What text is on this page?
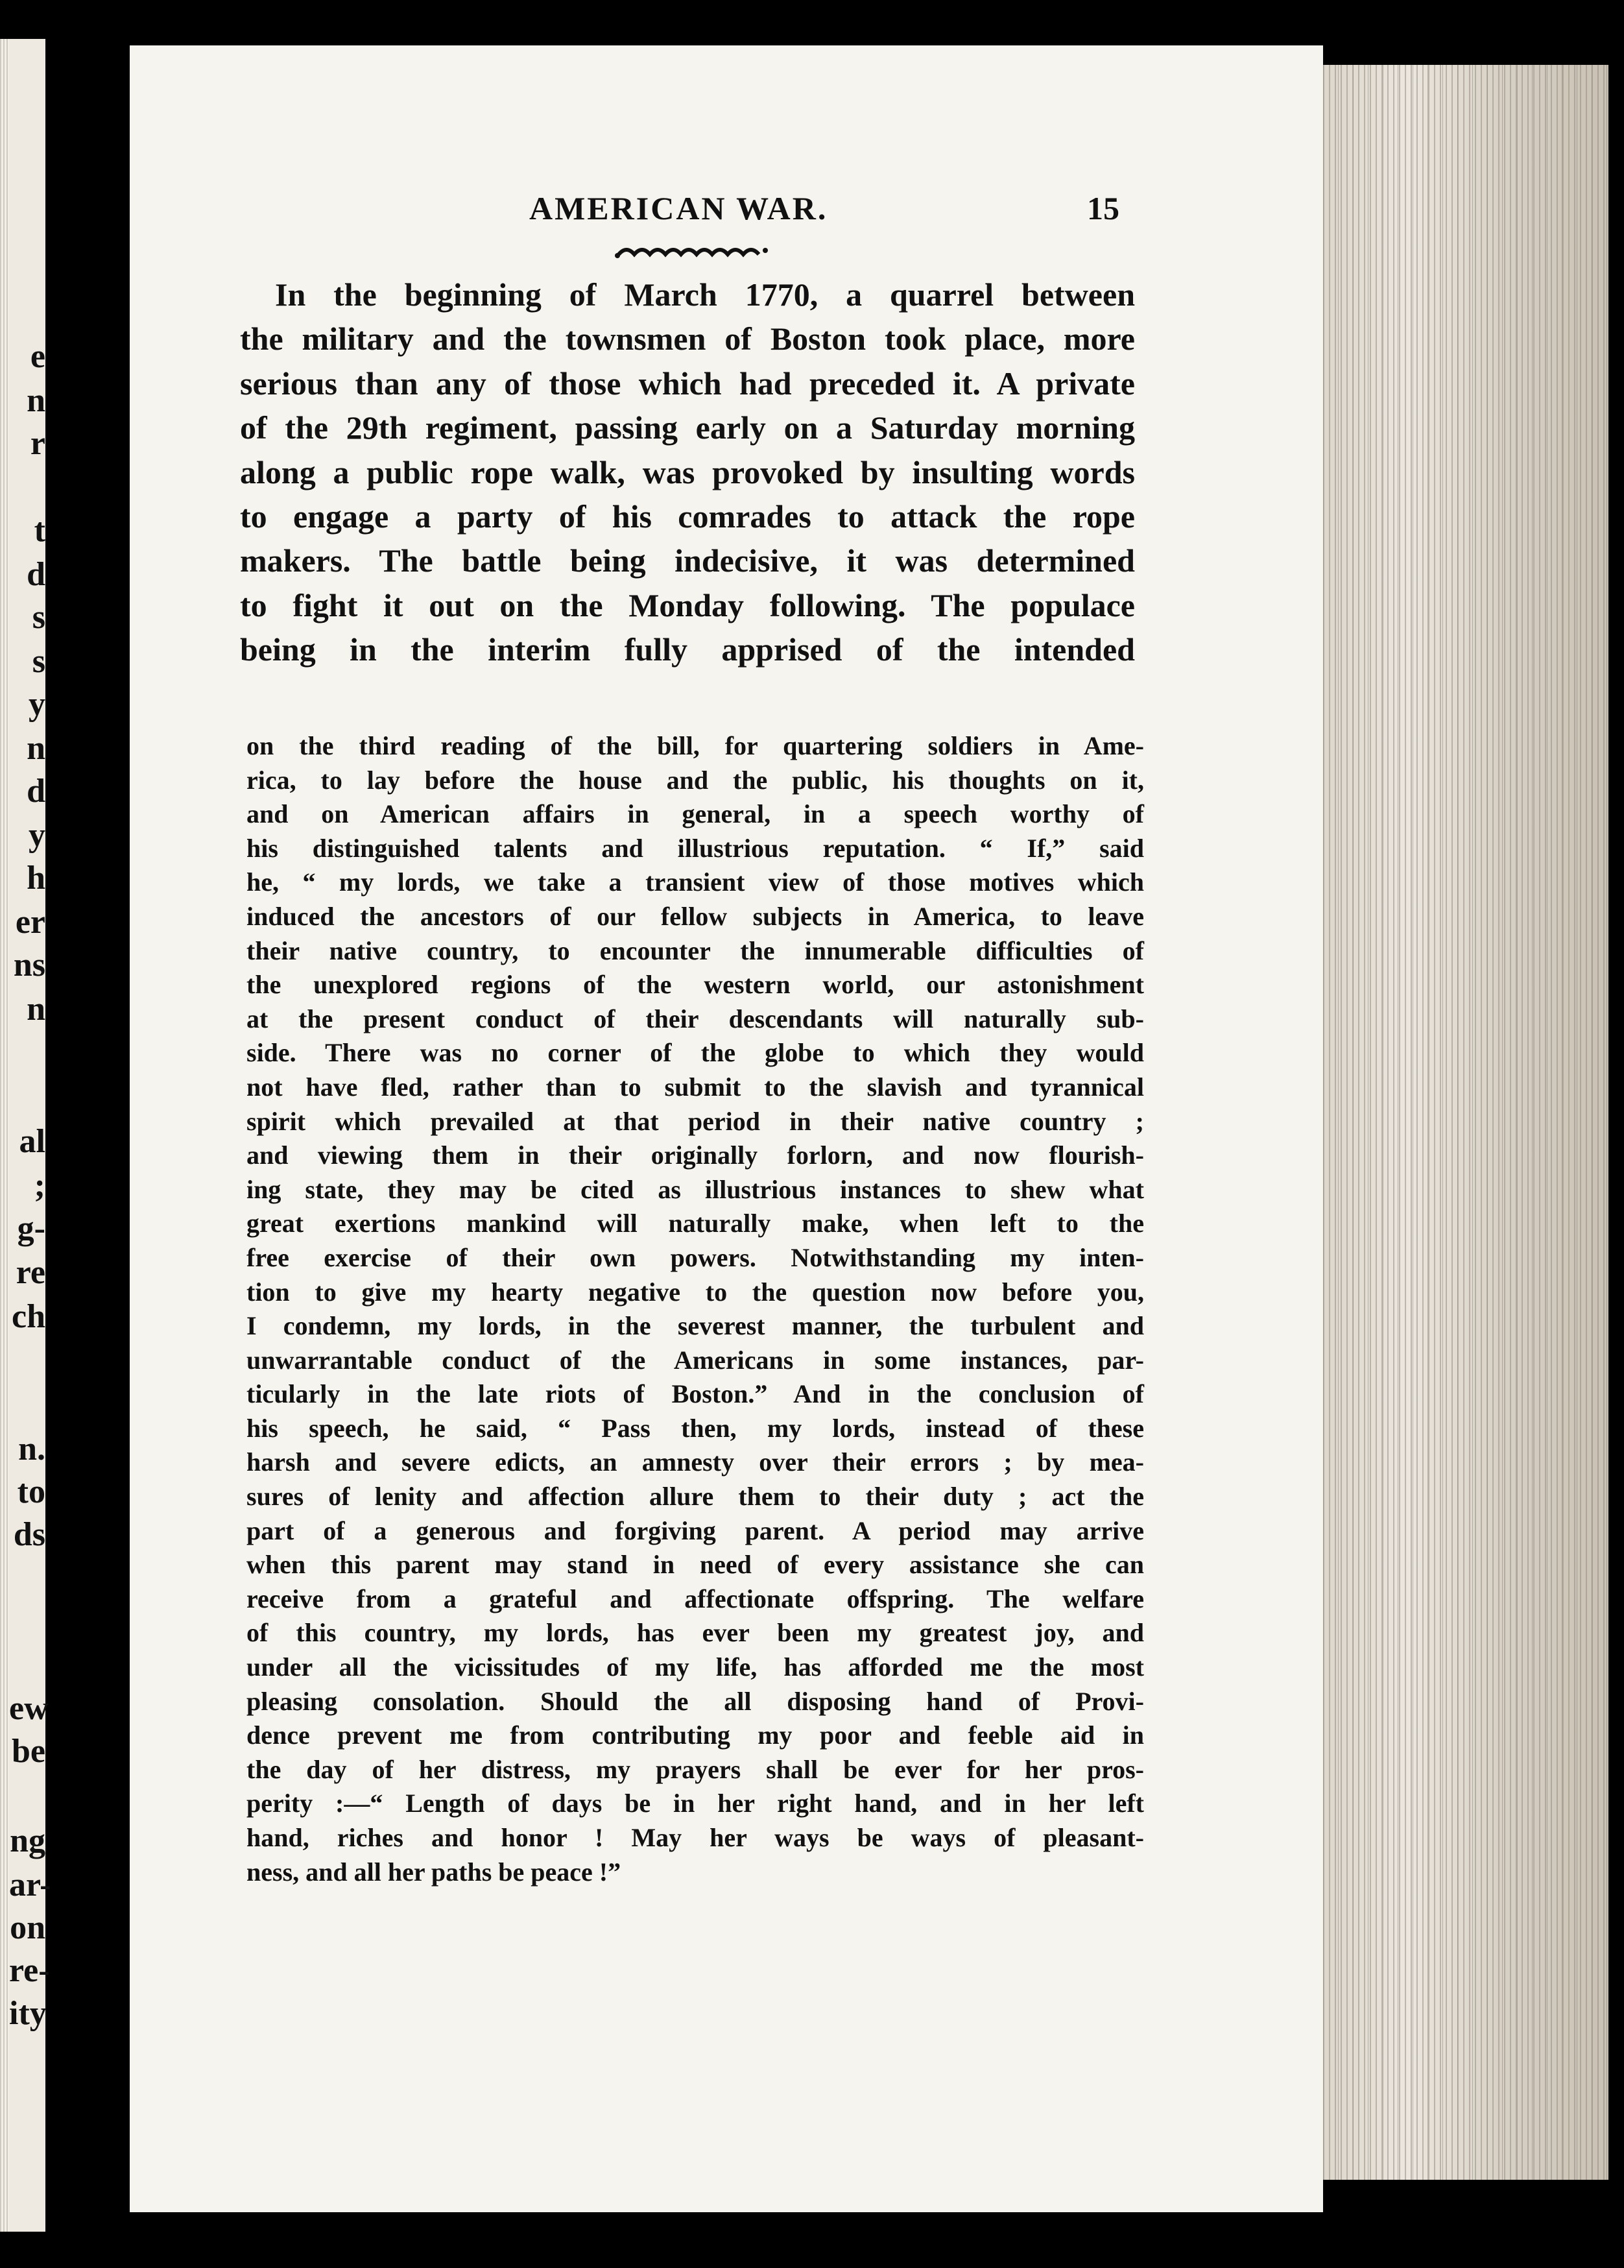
e
n
r
t
d
s
s
y
n
d
y
h
er
ns
n
al
;
g-
re
ch
n.
to
ds
ew
be
ng
ar-
on
re-
ity
AMERICAN WAR.	15
In the beginning of March 1770, a quarrel between
the military and the townsmen of Boston took place, more
serious than any of those which had preceded it. A private
of the 29th regiment, passing early on a Saturday morning
along a public rope walk, was provoked by insulting words
to engage a party of his comrades to attack the rope
makers. The battle being indecisive, it was determined
to fight it out on the Monday following. The populace
being in the interim fully apprised of the intended
on the third reading of the bill, for quartering soldiers in Ame-
rica, to lay before the house and the public, his thoughts on it,
and on American affairs in general, in a speech worthy of
his distinguished talents and illustrious reputation. “ If,” said
he, “ my lords, we take a transient view of those motives which
induced the ancestors of our fellow subjects in America, to leave
their native country, to encounter the innumerable difficulties of
the unexplored regions of the western world, our astonishment
at the present conduct of their descendants will naturally sub-
side. There was no corner of the globe to which they would
not have fled, rather than to submit to the slavish and tyrannical
spirit which prevailed at that period in their native country ;
and viewing them in their originally forlorn, and now flourish-
ing state, they may be cited as illustrious instances to shew what
great exertions mankind will naturally make, when left to the
free exercise of their own powers. Notwithstanding my inten-
tion to give my hearty negative to the question now before you,
I condemn, my lords, in the severest manner, the turbulent and
unwarrantable conduct of the Americans in some instances, par-
ticularly in the late riots of Boston.” And in the conclusion of
his speech, he said, “ Pass then, my lords, instead of these
harsh and severe edicts, an amnesty over their errors ; by mea-
sures of lenity and affection allure them to their duty ; act the
part of a generous and forgiving parent. A period may arrive
when this parent may stand in need of every assistance she can
receive from a grateful and affectionate offspring. The welfare
of this country, my lords, has ever been my greatest joy, and
under all the vicissitudes of my life, has afforded me the most
pleasing consolation. Should the all disposing hand of Provi-
dence prevent me from contributing my poor and feeble aid in
the day of her distress, my prayers shall be ever for her pros-
perity :—“ Length of days be in her right hand, and in her left
hand, riches and honor ! May her ways be ways of pleasant-
ness, and all her paths be peace !”
